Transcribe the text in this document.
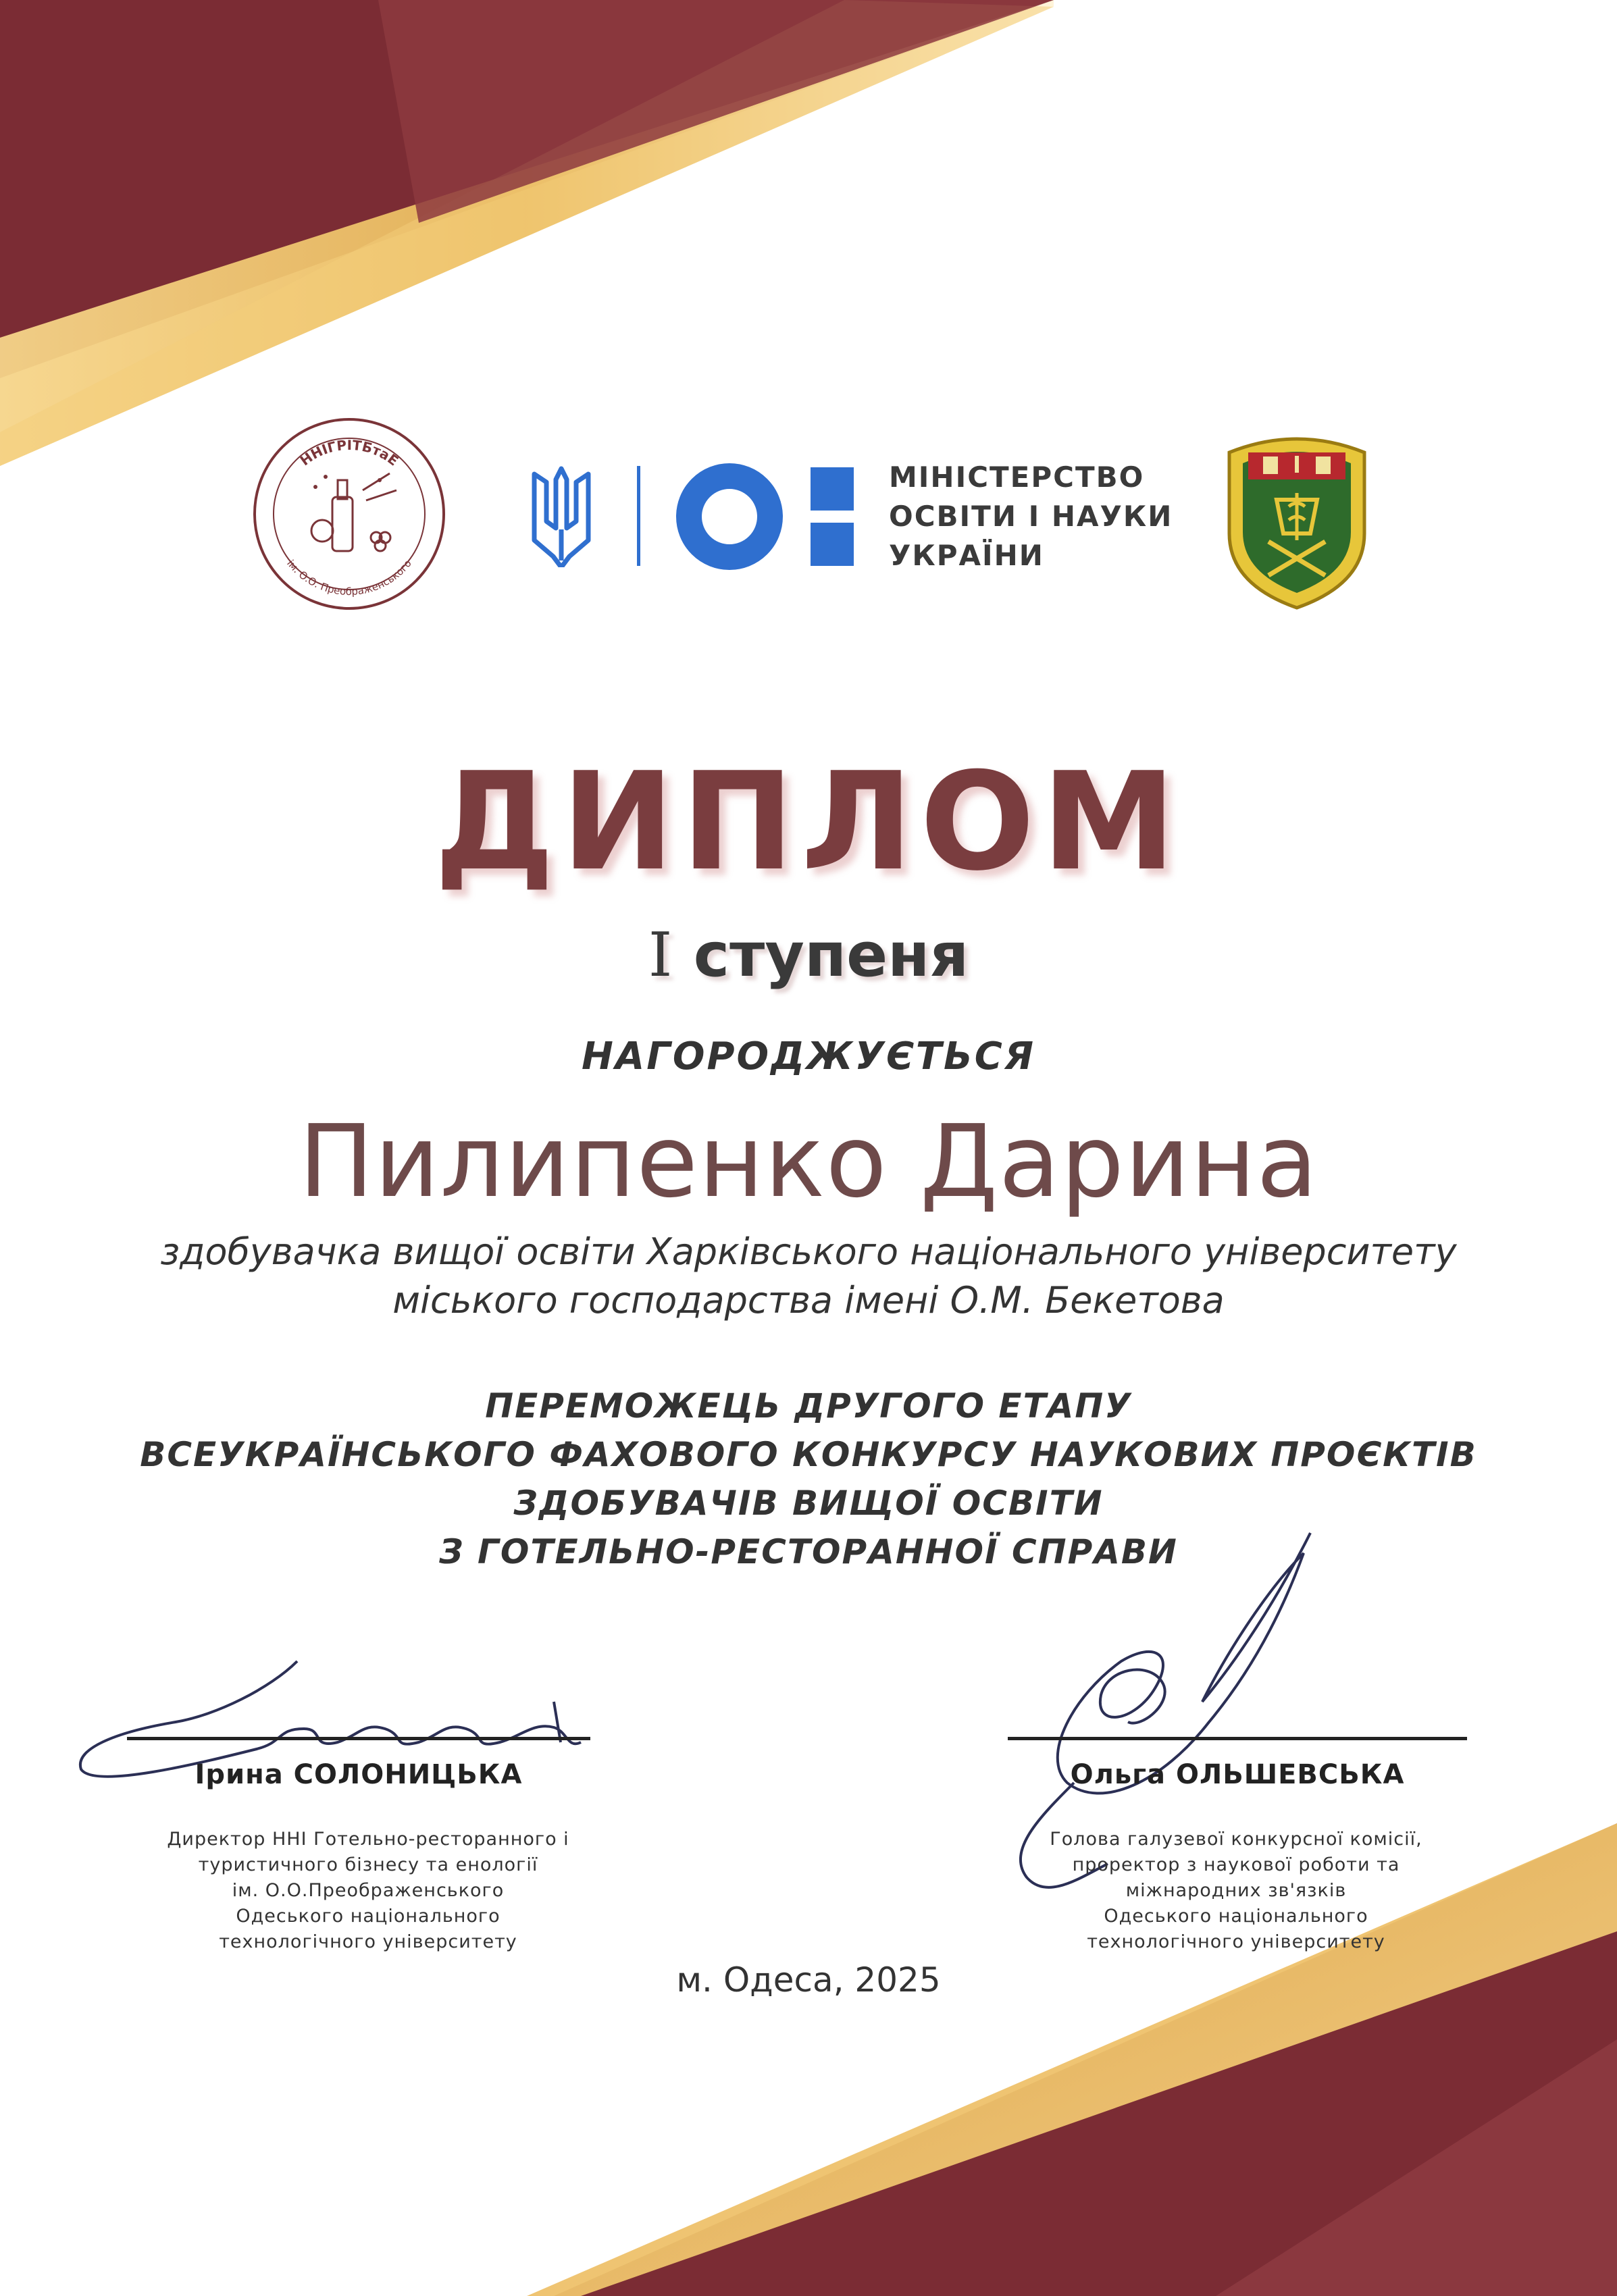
ННІГРІТБтаЕ
ім. О.О. Преображенського
МІНІСТЕРСТВО
ОСВІТИ І НАУКИ
УКРАЇНИ
ДИПЛОМ
I ступеня
НАГОРОДЖУЄТЬСЯ
Пилипенко Дарина
здобувачка вищої освіти Харківського національного університету
міського господарства імені О.М. Бекетова
ПЕРЕМОЖЕЦЬ ДРУГОГО ЕТАПУ
ВСЕУКРАЇНСЬКОГО ФАХОВОГО КОНКУРСУ НАУКОВИХ ПРОЄКТІВ
ЗДОБУВАЧІВ ВИЩОЇ ОСВІТИ
З ГОТЕЛЬНО-РЕСТОРАННОЇ СПРАВИ
Ірина СОЛОНИЦЬКА	Ольга ОЛЬШЕВСЬКА
Директор ННІ Готельно-ресторанного і
туристичного бізнесу та енології
ім. О.О.Преображенського
Одеського національного
технологічного університету
Голова галузевої конкурсної комісії,
проректор з наукової роботи та
міжнародних зв'язків
Одеського національного
технологічного університету
м. Одеса, 2025
